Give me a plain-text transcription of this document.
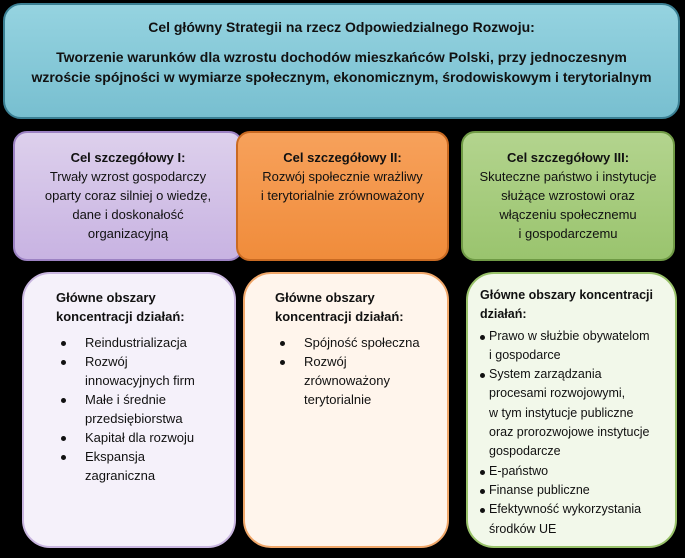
Cel główny Strategii na rzecz Odpowiedzialnego Rozwoju:
Tworzenie warunków dla wzrostu dochodów mieszkańców Polski, przy jednoczesnym
wzroście spójności w wymiarze społecznym, ekonomicznym, środowiskowym i terytorialnym
Cel szczegółowy I:
Trwały wzrost gospodarczy
oparty coraz silniej o wiedzę,
dane i doskonałość
organizacyjną
Cel szczegółowy II:
Rozwój społecznie wrażliwy
i terytorialnie zrównoważony
Cel szczegółowy III:
Skuteczne państwo i instytucje
służące wzrostowi oraz
włączeniu społecznemu
i gospodarczemu
Główne obszary
koncentracji działań:
Reindustrializacja
Rozwój
innowacyjnych firm
Małe i średnie
przedsiębiorstwa
Kapitał dla rozwoju
Ekspansja
zagraniczna
Główne obszary
koncentracji działań:
Spójność społeczna
Rozwój
zrównoważony
terytorialnie
Główne obszary koncentracji
działań:
Prawo w służbie obywatelom
i gospodarce
System zarządzania
procesami rozwojowymi,
w tym instytucje publiczne
oraz prorozwojowe instytucje
gospodarcze
E-państwo
Finanse publiczne
Efektywność wykorzystania
środków UE
